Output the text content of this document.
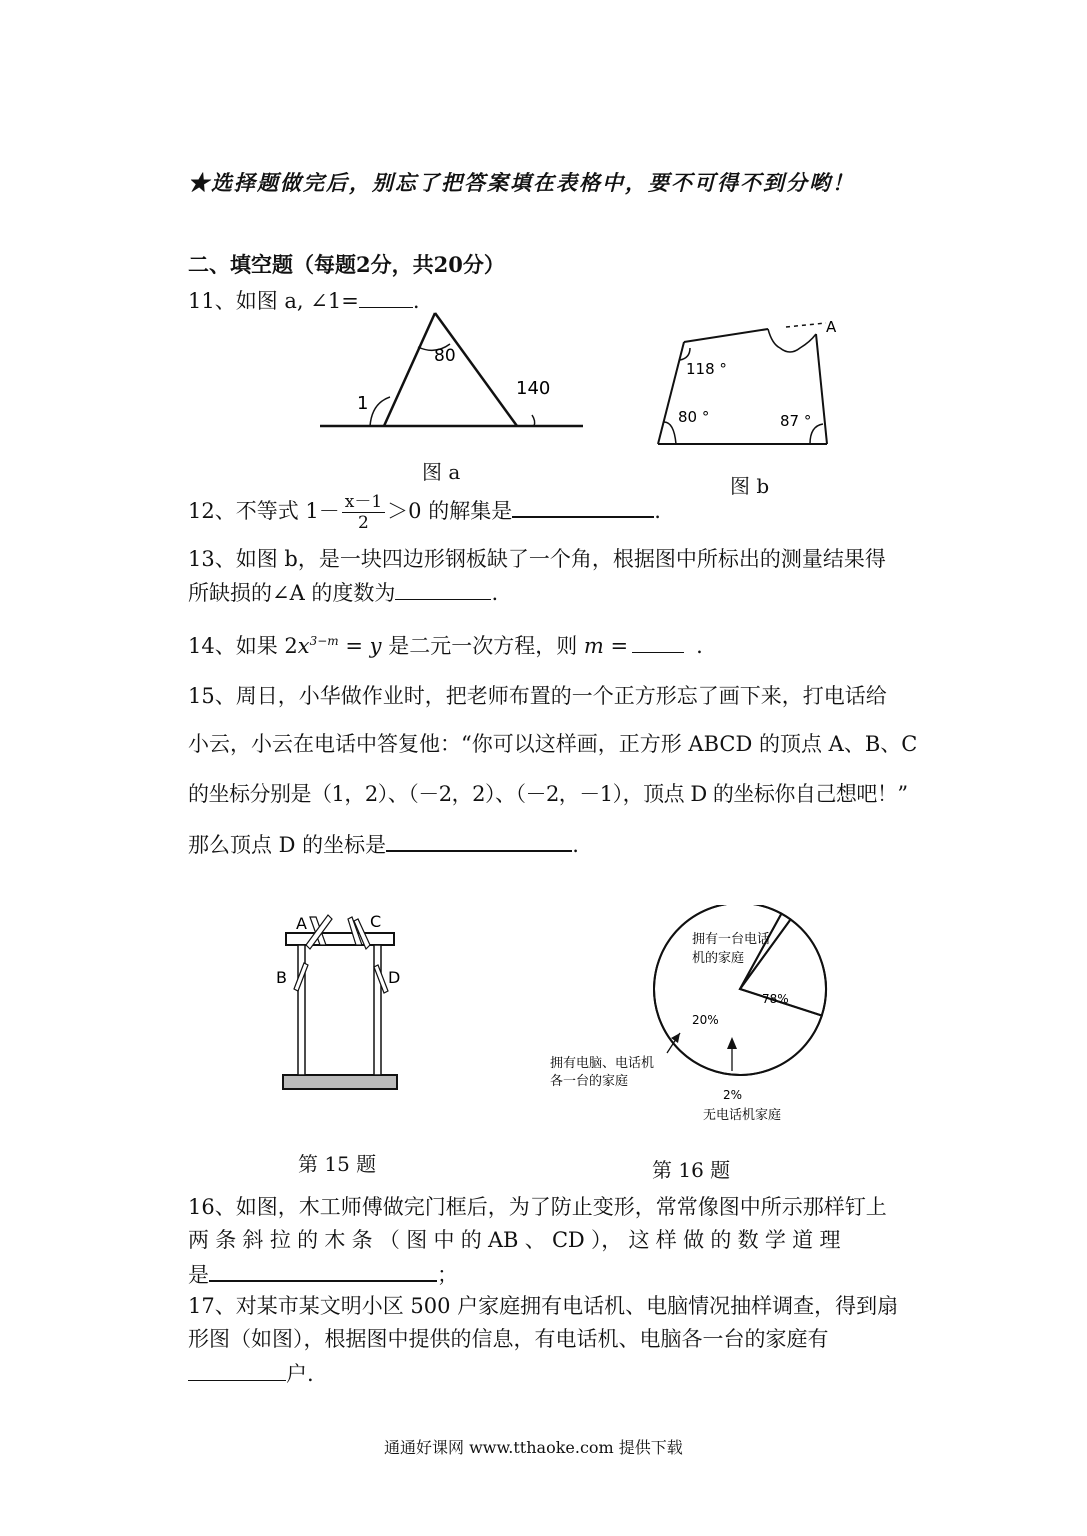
★选择题做完后，别忘了把答案填在表格中，要不可得不到分哟！
二、填空题（每题2分，共20分）
11、如图 a, ∠1=	.
80
140
1
图 a
A
118 °
80 °	87 °
图 b
12、不等式 $1- \frac{x-1}{2} >0$ 的解集是	.
13、如图 b，是一块四边形钢板缺了一个角，根据图中所标出的测量结果得
所缺损的∠A 的度数为	.
14、如果 $2x^{3-m} = y$ 是二元一次方程，则 m =	.
15、周日，小华做作业时，把老师布置的一个正方形忘了画下来，打电话给
小云，小云在电话中答复他：“你可以这样画，正方形 ABCD 的顶点 A、B、C
的坐标分别是（1，2）、（－2，2）、（－2，－1），顶点 D 的坐标你自己想吧！”
那么顶点 D 的坐标是	.
A	C
B	D
第 15 题
拥有一台电话
机的家庭
78%
20%
拥有电脑、电话机
各一台的家庭
2%
无电话机家庭
第 16 题
16、如图，木工师傅做完门框后，为了防止变形，常常像图中所示那样钉上
两 条 斜 拉 的 木 条 （ 图 中 的 AB 、 CD ）， 这 样 做 的 数 学 道 理
是	；
17、对某市某文明小区 500 户家庭拥有电话机、电脑情况抽样调查，得到扇
形图（如图），根据图中提供的信息，有电话机、电脑各一台的家庭有
户.
通通好课网 www.tthaoke.com 提供下载
